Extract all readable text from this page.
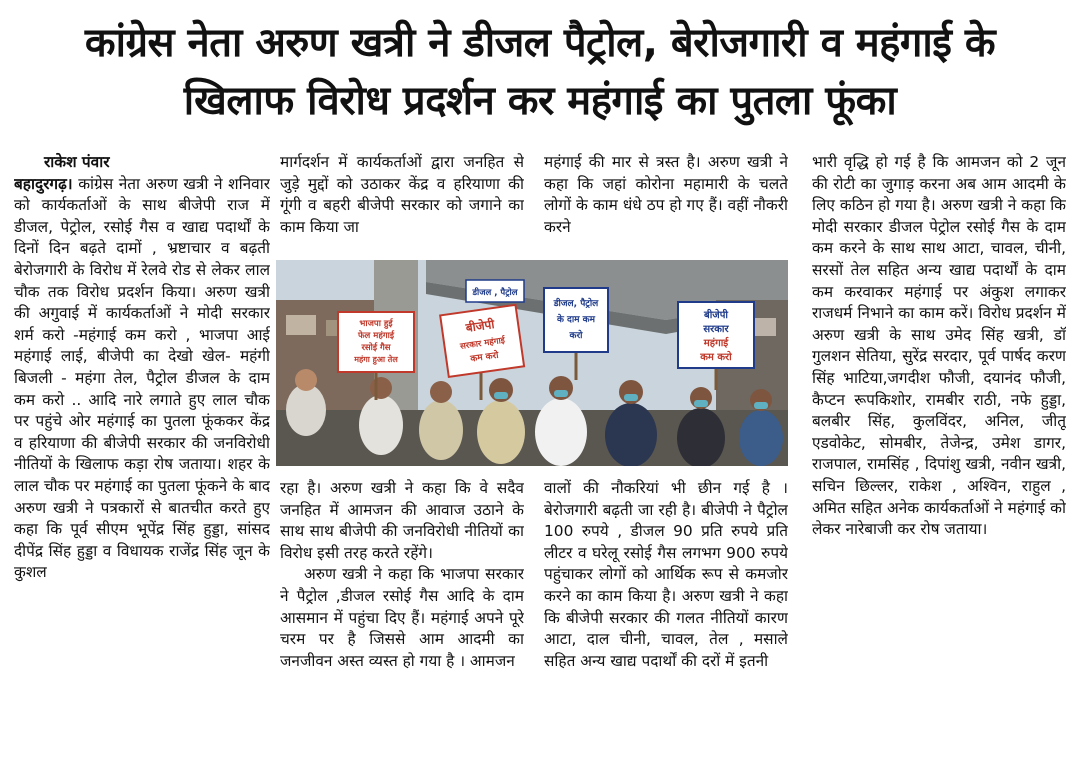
कांग्रेस नेता अरुण खत्री ने डीजल पैट्रोल, बेरोजगारी व महंगाई के
खिलाफ विरोध प्रदर्शन कर महंगाई का पुतला फूंका
राकेश पंवार

बहादुरगढ़। कांग्रेस नेता अरुण खत्री ने शनिवार को कार्यकर्ताओं के साथ बीजेपी राज में डीजल, पेट्रोल, रसोई गैस व खाद्य पदार्थों के दिनों दिन बढ़ते दामों , भ्रष्टाचार व बढ़ती बेरोजगारी के विरोध में रेलवे रोड से लेकर लाल चौक तक विरोध प्रदर्शन किया। अरुण खत्री की अगुवाई में कार्यकर्ताओं ने मोदी सरकार शर्म करो -महंगाई कम करो , भाजपा आई महंगाई लाई, बीजेपी का देखो खेल- महंगी बिजली - महंगा तेल, पैट्रोल डीजल के दाम कम करो .. आदि नारे लगाते हुए लाल चौक पर पहुंचे ओर महंगाई का पुतला फूंककर केंद्र व हरियाणा की बीजेपी सरकार की जनविरोधी नीतियों के खिलाफ कड़ा रोष जताया। शहर के लाल चौक पर महंगाई का पुतला फूंकने के बाद अरुण खत्री ने पत्रकारों से बातचीत करते हुए कहा कि पूर्व सीएम भूपेंद्र सिंह हुड्डा, सांसद दीपेंद्र सिंह हुड्डा व विधायक राजेंद्र सिंह जून के कुशल

मार्गदर्शन में कार्यकर्ताओं द्वारा जनहित से जुड़े मुद्दों को उठाकर केंद्र व हरियाणा की गूंगी व बहरी बीजेपी सरकार को जगाने का काम किया जा

महंगाई की मार से त्रस्त है। अरुण खत्री ने कहा कि जहां कोरोना महामारी के चलते लोगों के काम धंधे ठप हो गए हैं। वहीं नौकरी करने

भाजपा हुई
फेल महंगाई
रसोई गैस
महंगा हुआ तेल
बीजेपी
सरकार महंगाई
कम करो
डीजल, पैट्रोल
के दाम कम
करो
बीजेपी
सरकार
महंगाई
कम करो
डीजल , पैट्रोल

रहा है। अरुण खत्री ने कहा कि वे सदैव जनहित में आमजन की आवाज उठाने के साथ साथ बीजेपी की जनविरोधी नीतियों का विरोध इसी तरह करते रहेंगे।

अरुण खत्री ने कहा कि भाजपा सरकार ने पैट्रोल ,डीजल रसोई गैस आदि के दाम आसमान में पहुंचा दिए हैं। महंगाई अपने पूरे चरम पर है जिससे आम आदमी का जनजीवन अस्त व्यस्त हो गया है । आमजन

वालों की नौकरियां भी छीन गई है । बेरोजगारी बढ़ती जा रही है। बीजेपी ने पैट्रोल 100 रुपये , डीजल 90 प्रति रुपये प्रति लीटर व घरेलू रसोई गैस लगभग 900 रुपये पहुंचाकर लोगों को आर्थिक रूप से कमजोर करने का काम किया है। अरुण खत्री ने कहा कि बीजेपी सरकार की गलत नीतियों कारण आटा, दाल चीनी, चावल, तेल , मसाले सहित अन्य खाद्य पदार्थों की दरों में इतनी

भारी वृद्धि हो गई है कि आमजन को 2 जून की रोटी का जुगाड़ करना अब आम आदमी के लिए कठिन हो गया है। अरुण खत्री ने कहा कि मोदी सरकार डीजल पेट्रोल रसोई गैस के दाम कम करने के साथ साथ आटा, चावल, चीनी, सरसों तेल सहित अन्य खाद्य पदार्थों के दाम कम करवाकर महंगाई पर अंकुश लगाकर राजधर्म निभाने का काम करें। विरोध प्रदर्शन में अरुण खत्री के साथ उमेद सिंह खत्री, डॉ गुलशन सेतिया, सुरेंद्र सरदार, पूर्व पार्षद करण सिंह भाटिया,जगदीश फौजी, दयानंद फौजी, कैप्टन रूपकिशोर, रामबीर राठी, नफे हुड्डा, बलबीर सिंह, कुलविंदर, अनिल, जीतू एडवोकेट, सोमबीर, तेजेन्द्र, उमेश डागर, राजपाल, रामसिंह , दिपांशु खत्री, नवीन खत्री, सचिन छिल्लर, राकेश , अश्विन, राहुल , अमित सहित अनेक कार्यकर्ताओं ने महंगाई को लेकर नारेबाजी कर रोष जताया।
